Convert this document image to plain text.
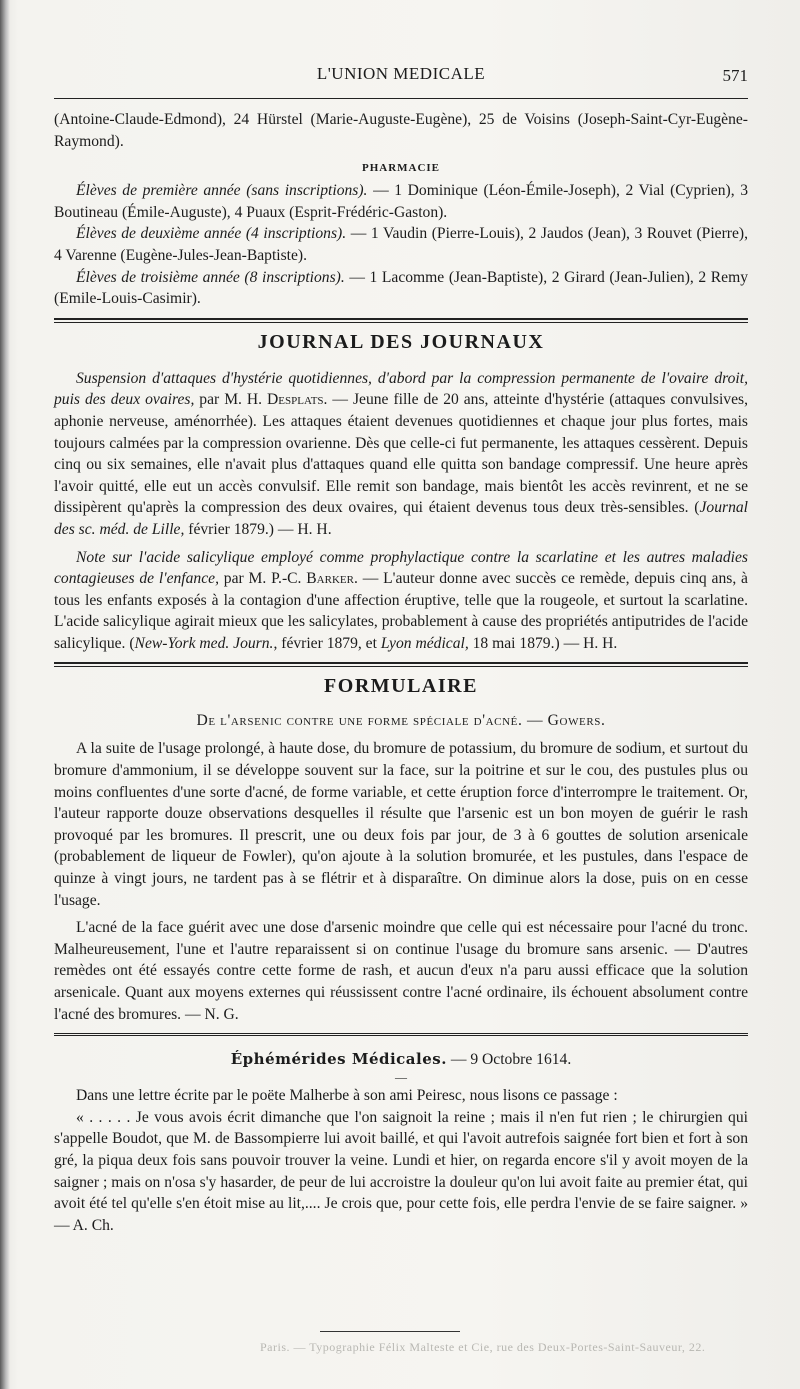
L'UNION MEDICALE	571

(Antoine-Claude-Edmond), 24 Hürstel (Marie-Auguste-Eugène), 25 de Voisins (Joseph-Saint-Cyr-Eugène-Raymond).

PHARMACIE

Élèves de première année (sans inscriptions). — 1 Dominique (Léon-Émile-Joseph), 2 Vial (Cyprien), 3 Boutineau (Émile-Auguste), 4 Puaux (Esprit-Frédéric-Gaston).

Élèves de deuxième année (4 inscriptions). — 1 Vaudin (Pierre-Louis), 2 Jaudos (Jean), 3 Rouvet (Pierre), 4 Varenne (Eugène-Jules-Jean-Baptiste).

Élèves de troisième année (8 inscriptions). — 1 Lacomme (Jean-Baptiste), 2 Girard (Jean-Julien), 2 Remy (Emile-Louis-Casimir).

JOURNAL DES JOURNAUX

Suspension d'attaques d'hystérie quotidiennes, d'abord par la compression permanente de l'ovaire droit, puis des deux ovaires, par M. H. Desplats. — Jeune fille de 20 ans, atteinte d'hystérie (attaques convulsives, aphonie nerveuse, aménorrhée). Les attaques étaient devenues quotidiennes et chaque jour plus fortes, mais toujours calmées par la compression ovarienne. Dès que celle-ci fut permanente, les attaques cessèrent. Depuis cinq ou six semaines, elle n'avait plus d'attaques quand elle quitta son bandage compressif. Une heure après l'avoir quitté, elle eut un accès convulsif. Elle remit son bandage, mais bientôt les accès revinrent, et ne se dissipèrent qu'après la compression des deux ovaires, qui étaient devenus tous deux très-sensibles. (Journal des sc. méd. de Lille, février 1879.) — H. H.

Note sur l'acide salicylique employé comme prophylactique contre la scarlatine et les autres maladies contagieuses de l'enfance, par M. P.-C. Barker. — L'auteur donne avec succès ce remède, depuis cinq ans, à tous les enfants exposés à la contagion d'une affection éruptive, telle que la rougeole, et surtout la scarlatine. L'acide salicylique agirait mieux que les salicylates, probablement à cause des propriétés antiputrides de l'acide salicylique. (New-York med. Journ., février 1879, et Lyon médical, 18 mai 1879.) — H. H.

FORMULAIRE
De l'arsenic contre une forme spéciale d'acné. — Gowers.

A la suite de l'usage prolongé, à haute dose, du bromure de potassium, du bromure de sodium, et surtout du bromure d'ammonium, il se développe souvent sur la face, sur la poitrine et sur le cou, des pustules plus ou moins confluentes d'une sorte d'acné, de forme variable, et cette éruption force d'interrompre le traitement. Or, l'auteur rapporte douze observations desquelles il résulte que l'arsenic est un bon moyen de guérir le rash provoqué par les bromures. Il prescrit, une ou deux fois par jour, de 3 à 6 gouttes de solution arsenicale (probablement de liqueur de Fowler), qu'on ajoute à la solution bromurée, et les pustules, dans l'espace de quinze à vingt jours, ne tardent pas à se flétrir et à disparaître. On diminue alors la dose, puis on en cesse l'usage.

L'acné de la face guérit avec une dose d'arsenic moindre que celle qui est nécessaire pour l'acné du tronc. Malheureusement, l'une et l'autre reparaissent si on continue l'usage du bromure sans arsenic. — D'autres remèdes ont été essayés contre cette forme de rash, et aucun d'eux n'a paru aussi efficace que la solution arsenicale. Quant aux moyens externes qui réussissent contre l'acné ordinaire, ils échouent absolument contre l'acné des bromures. — N. G.

Éphémérides Médicales. — 9 Octobre 1614.
—

Dans une lettre écrite par le poëte Malherbe à son ami Peiresc, nous lisons ce passage :

« . . . . . Je vous avois écrit dimanche que l'on saignoit la reine ; mais il n'en fut rien ; le chirurgien qui s'appelle Boudot, que M. de Bassompierre lui avoit baillé, et qui l'avoit autrefois saignée fort bien et fort à son gré, la piqua deux fois sans pouvoir trouver la veine. Lundi et hier, on regarda encore s'il y avoit moyen de la saigner ; mais on n'osa s'y hasarder, de peur de lui accroistre la douleur qu'on lui avoit faite au premier état, qui avoit été tel qu'elle s'en étoit mise au lit,.... Je crois que, pour cette fois, elle perdra l'envie de se faire saigner. » — A. Ch.

Paris. — Typographie Félix Malteste et Cie, rue des Deux-Portes-Saint-Sauveur, 22.
